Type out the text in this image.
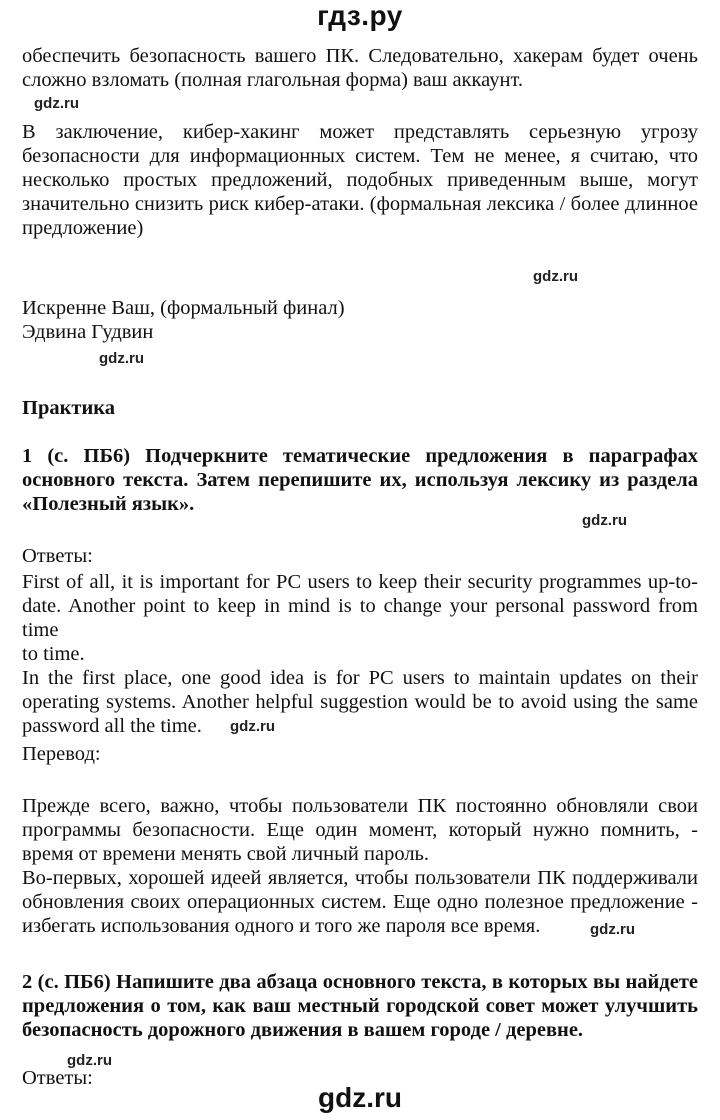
гдз.ру
обеспечить безопасность вашего ПК. Следовательно, хакерам будет очень
сложно взломать (полная глагольная форма) ваш аккаунт.
gdz.ru
В заключение, кибер-хакинг может представлять серьезную угрозу
безопасности для информационных систем. Тем не менее, я считаю, что
несколько простых предложений, подобных приведенным выше, могут
значительно снизить риск кибер-атаки. (формальная лексика / более длинное
предложение)
gdz.ru
Искренне Ваш, (формальный финал)
Эдвина Гудвин
gdz.ru
Практика
1 (с. ПБ6) Подчеркните тематические предложения в параграфах
основного текста. Затем перепишите их, используя лексику из раздела
«Полезный язык».
gdz.ru
Ответы:
First of all, it is important for PC users to keep their security programmes up-to-
date. Another point to keep in mind is to change your personal password from time
to time.
In the first place, one good idea is for PC users to maintain updates on their
operating systems. Another helpful suggestion would be to avoid using the same
password all the time.	gdz.ru
Перевод:
Прежде всего, важно, чтобы пользователи ПК постоянно обновляли свои
программы безопасности. Еще один момент, который нужно помнить, -
время от времени менять свой личный пароль.
Во-первых, хорошей идеей является, чтобы пользователи ПК поддерживали
обновления своих операционных систем. Еще одно полезное предложение -
избегать использования одного и того же пароля все время.	gdz.ru
2 (с. ПБ6) Напишите два абзаца основного текста, в которых вы найдете
предложения о том, как ваш местный городской совет может улучшить
безопасность дорожного движения в вашем городе / деревне.
gdz.ru
Ответы:
gdz.ru
